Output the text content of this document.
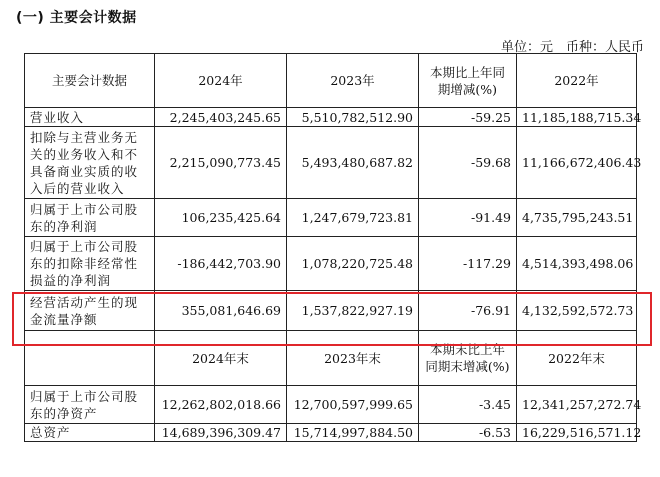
(一) 主要会计数据
单位：元　币种：人民币
主要会计数据	2024年	2023年	本期比上年同期增减(%)	2022年
营业收入	2,245,403,245.65	5,510,782,512.90	-59.25	11,185,188,715.34
扣除与主营业务无关的业务收入和不具备商业实质的收入后的营业收入	2,215,090,773.45	5,493,480,687.82	-59.68	11,166,672,406.43
归属于上市公司股东的净利润	106,235,425.64	1,247,679,723.81	-91.49	4,735,795,243.51
归属于上市公司股东的扣除非经常性损益的净利润	-186,442,703.90	1,078,220,725.48	-117.29	4,514,393,498.06
经营活动产生的现金流量净额	355,081,646.69	1,537,822,927.19	-76.91	4,132,592,572.73
	2024年末	2023年末	本期末比上年同期末增减(%)	2022年末
归属于上市公司股东的净资产	12,262,802,018.66	12,700,597,999.65	-3.45	12,341,257,272.74
总资产	14,689,396,309.47	15,714,997,884.50	-6.53	16,229,516,571.12
